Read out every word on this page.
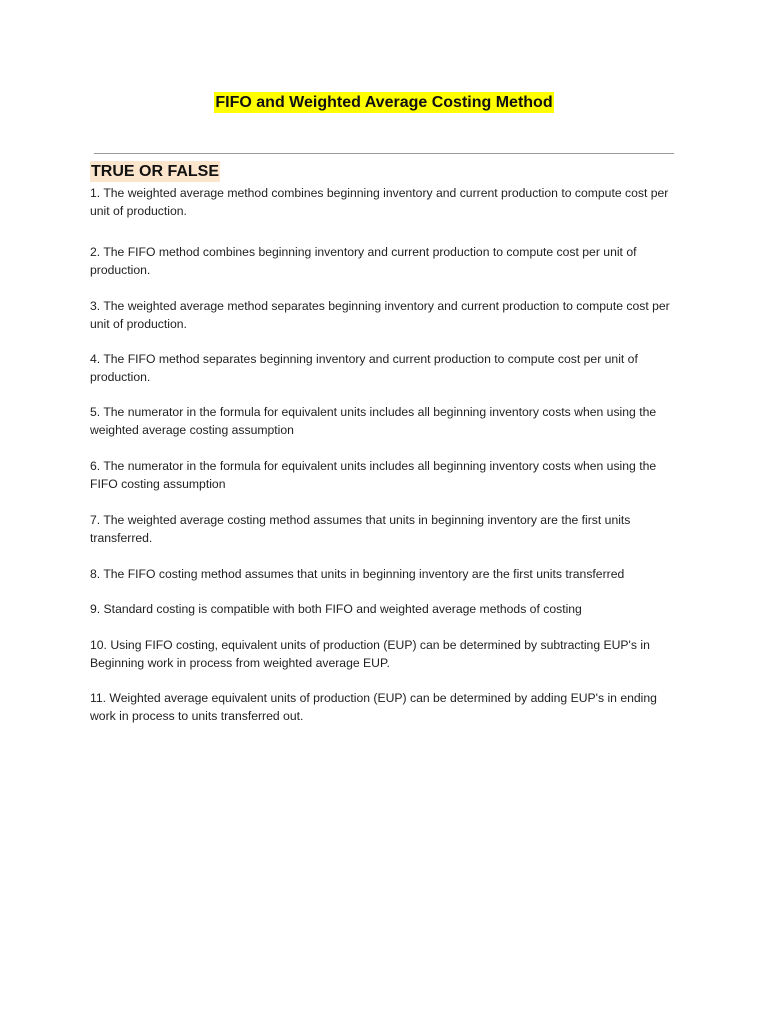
FIFO and Weighted Average Costing Method
TRUE OR FALSE

1. The weighted average method combines beginning inventory and current production to compute cost per unit of production.

2. The FIFO method combines beginning inventory and current production to compute cost per unit of production.

3. The weighted average method separates beginning inventory and current production to compute cost per unit of production.

4. The FIFO method separates beginning inventory and current production to compute cost per unit of production.

5. The numerator in the formula for equivalent units includes all beginning inventory costs when using the weighted average costing assumption

6. The numerator in the formula for equivalent units includes all beginning inventory costs when using the FIFO costing assumption

7. The weighted average costing method assumes that units in beginning inventory are the first units transferred.

8. The FIFO costing method assumes that units in beginning inventory are the first units transferred

9. Standard costing is compatible with both FIFO and weighted average methods of costing

10. Using FIFO costing, equivalent units of production (EUP) can be determined by subtracting EUP's in Beginning work in process from weighted average EUP.

11. Weighted average equivalent units of production (EUP) can be determined by adding EUP's in ending work in process to units transferred out.
